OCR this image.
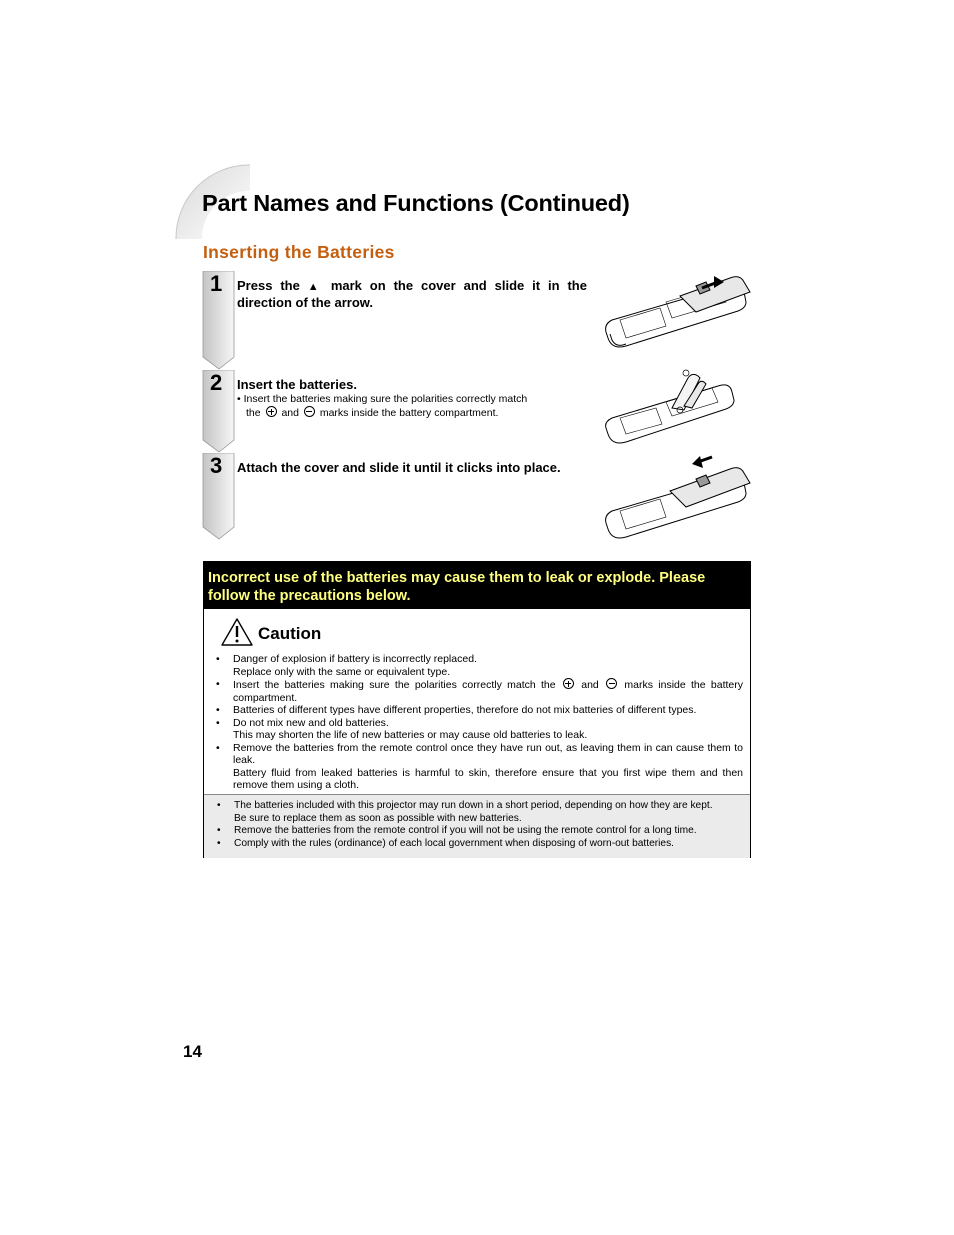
Part Names and Functions (Continued)
Inserting the Batteries
1 Press the ▲ mark on the cover and slide it in the direction of the arrow.
2 Insert the batteries.
• Insert the batteries making sure the polarities correctly match
the and marks inside the battery compartment.
3 Attach the cover and slide it until it clicks into place.
Incorrect use of the batteries may cause them to leak or explode. Please follow the precautions below.
Caution
• Danger of explosion if battery is incorrectly replaced.
Replace only with the same or equivalent type.
• Insert the batteries making sure the polarities correctly match the and marks inside the battery compartment.
• Batteries of different types have different properties, therefore do not mix batteries of different types.
• Do not mix new and old batteries.
This may shorten the life of new batteries or may cause old batteries to leak.
• Remove the batteries from the remote control once they have run out, as leaving them in can cause them to leak.
Battery fluid from leaked batteries is harmful to skin, therefore ensure that you first wipe them and then remove them using a cloth.
• The batteries included with this projector may run down in a short period, depending on how they are kept.
Be sure to replace them as soon as possible with new batteries.
• Remove the batteries from the remote control if you will not be using the remote control for a long time.
• Comply with the rules (ordinance) of each local government when disposing of worn-out batteries.
14
